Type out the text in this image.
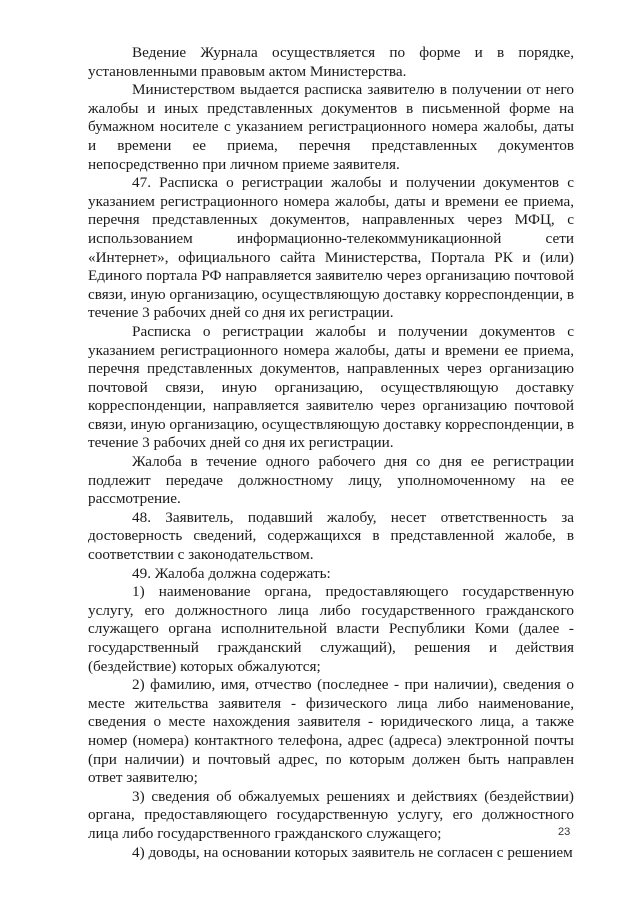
Ведение Журнала осуществляется по форме и в порядке, установленными правовым актом Министерства.

Министерством выдается расписка заявителю в получении от него жалобы и иных представленных документов в письменной форме на бумажном носителе с указанием регистрационного номера жалобы, даты и времени ее приема, перечня представленных документов непосредственно при личном приеме заявителя.

47. Расписка о регистрации жалобы и получении документов с указанием регистрационного номера жалобы, даты и времени ее приема, перечня представленных документов, направленных через МФЦ, с использованием информационно-телекоммуникационной сети «Интернет», официального сайта Министерства, Портала РК и (или) Единого портала РФ направляется заявителю через организацию почтовой связи, иную организацию, осуществляющую доставку корреспонденции, в течение 3 рабочих дней со дня их регистрации.

Расписка о регистрации жалобы и получении документов с указанием регистрационного номера жалобы, даты и времени ее приема, перечня представленных документов, направленных через организацию почтовой связи, иную организацию, осуществляющую доставку корреспонденции, направляется заявителю через организацию почтовой связи, иную организацию, осуществляющую доставку корреспонденции, в течение 3 рабочих дней со дня их регистрации.

Жалоба в течение одного рабочего дня со дня ее регистрации подлежит передаче должностному лицу, уполномоченному на ее рассмотрение.

48. Заявитель, подавший жалобу, несет ответственность за достоверность сведений, содержащихся в представленной жалобе, в соответствии с законодательством.

49. Жалоба должна содержать:

1) наименование органа, предоставляющего государственную услугу, его должностного лица либо государственного гражданского служащего органа исполнительной власти Республики Коми (далее - государственный гражданский служащий), решения и действия (бездействие) которых обжалуются;

2) фамилию, имя, отчество (последнее - при наличии), сведения о месте жительства заявителя - физического лица либо наименование, сведения о месте нахождения заявителя - юридического лица, а также номер (номера) контактного телефона, адрес (адреса) электронной почты (при наличии) и почтовый адрес, по которым должен быть направлен ответ заявителю;

3) сведения об обжалуемых решениях и действиях (бездействии) органа, предоставляющего государственную услугу, его должностного лица либо государственного гражданского служащего;

4) доводы, на основании которых заявитель не согласен с решением

23
